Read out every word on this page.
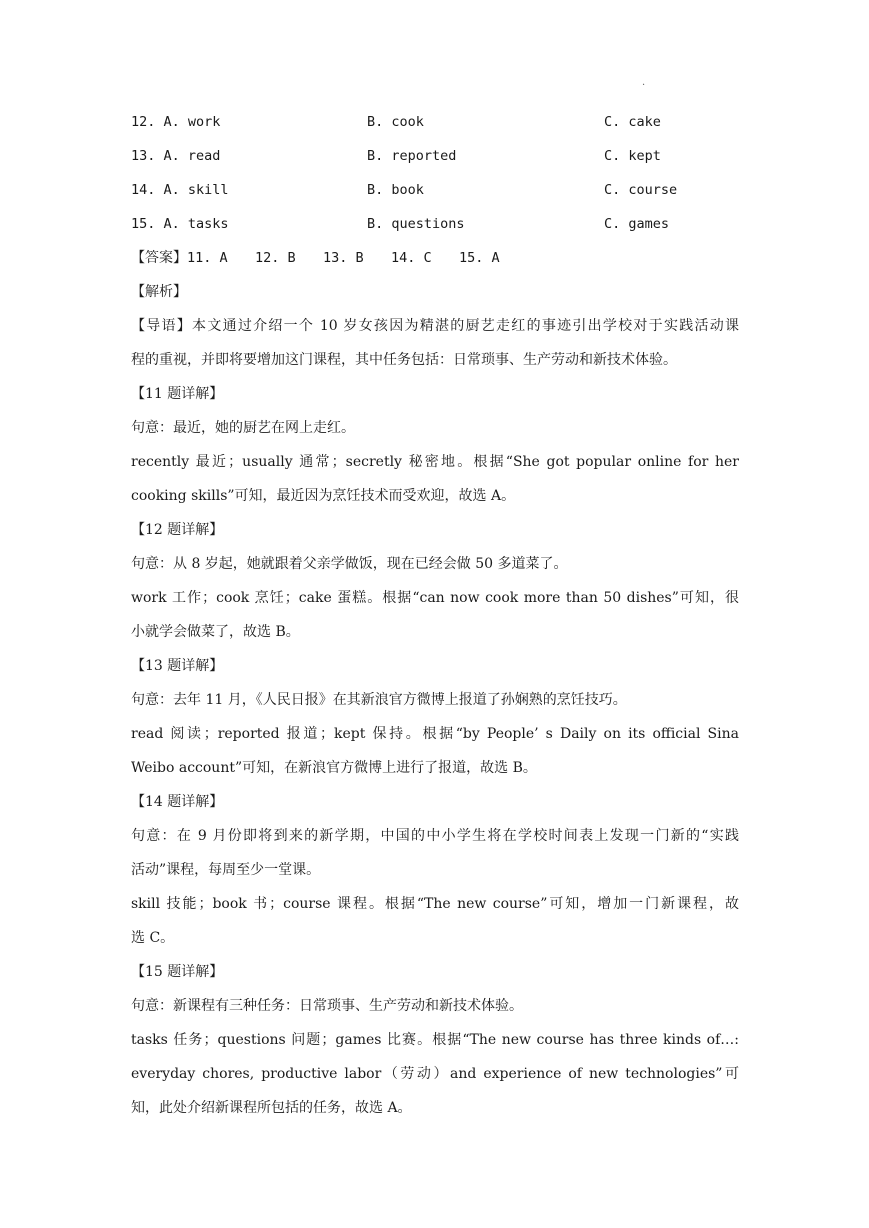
·
12. A. work	B. cook	C. cake
13. A. read	B. reported	C. kept
14. A. skill	B. book	C. course
15. A. tasks	B. questions	C. games
【答案】11. A 12. B 13. B 14. C 15. A
【解析】
【导语】本文通过介绍一个 10 岁女孩因为精湛的厨艺走红的事迹引出学校对于实践活动课
程的重视，并即将要增加这门课程，其中任务包括：日常琐事、生产劳动和新技术体验。
【11 题详解】
句意：最近，她的厨艺在网上走红。
recently 最近；usually 通常；secretly 秘密地。根据“She got popular online for her
cooking skills”可知，最近因为烹饪技术而受欢迎，故选 A。
【12 题详解】
句意：从 8 岁起，她就跟着父亲学做饭，现在已经会做 50 多道菜了。
work 工作；cook 烹饪；cake 蛋糕。根据“can now cook more than 50 dishes”可知，很
小就学会做菜了，故选 B。
【13 题详解】
句意：去年 11 月，《人民日报》在其新浪官方微博上报道了孙娴熟的烹饪技巧。
read 阅读；reported 报道；kept 保持。根据“by People’ s Daily on its official Sina
Weibo account”可知，在新浪官方微博上进行了报道，故选 B。
【14 题详解】
句意：在 9 月份即将到来的新学期，中国的中小学生将在学校时间表上发现一门新的“实践
活动”课程，每周至少一堂课。
skill 技能；book 书；course 课程。根据“The new course”可知，增加一门新课程，故
选 C。
【15 题详解】
句意：新课程有三种任务：日常琐事、生产劳动和新技术体验。
tasks 任务；questions 问题；games 比赛。根据“The new course has three kinds of…:
everyday chores, productive labor（劳动）and experience of new technologies”可
知，此处介绍新课程所包括的任务，故选 A。
